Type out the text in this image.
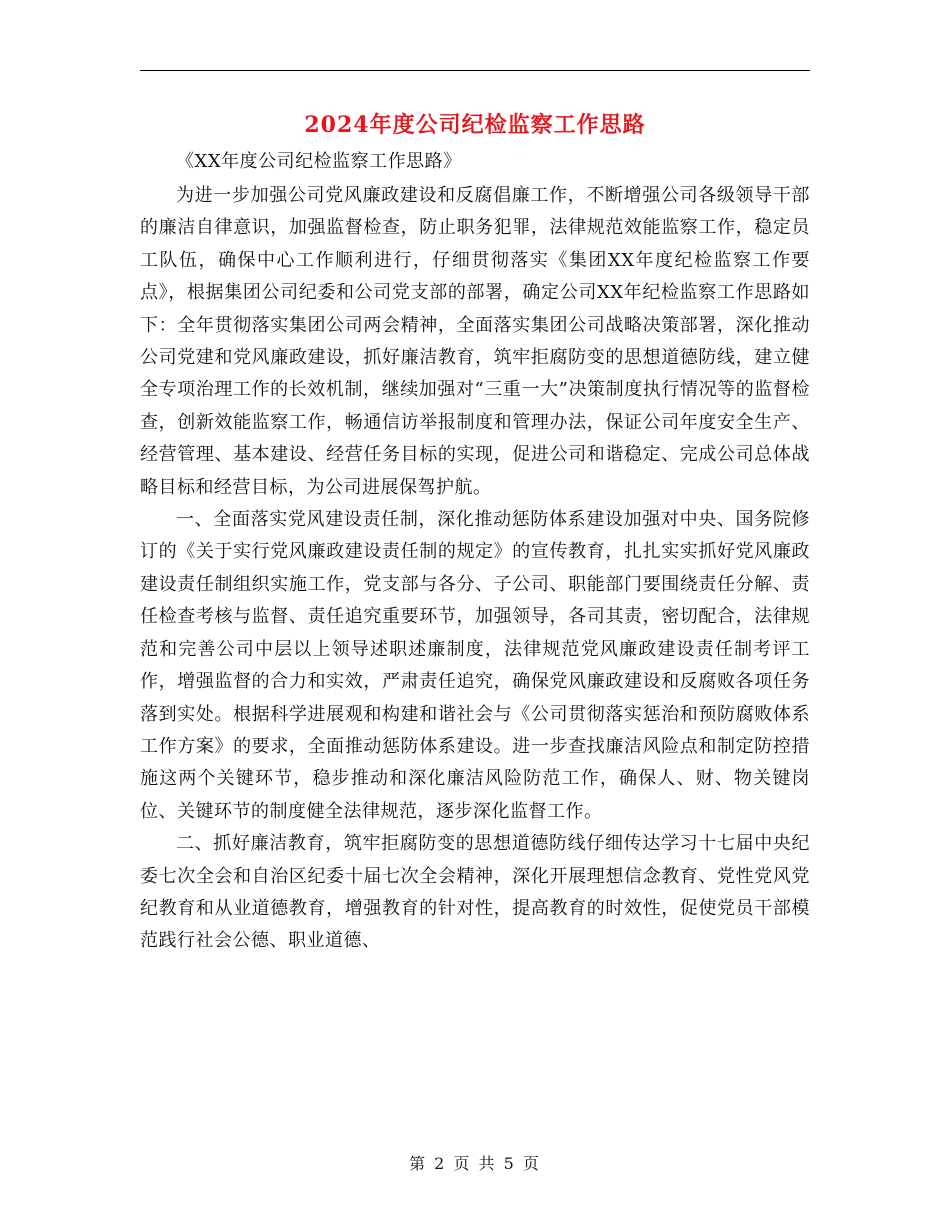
2024年度公司纪检监察工作思路
《XX年度公司纪检监察工作思路》

为进一步加强公司党风廉政建设和反腐倡廉工作，不断增强公司各级领导干部的廉洁自律意识，加强监督检查，防止职务犯罪，法律规范效能监察工作，稳定员工队伍，确保中心工作顺利进行，仔细贯彻落实《集团XX年度纪检监察工作要点》，根据集团公司纪委和公司党支部的部署，确定公司XX年纪检监察工作思路如下：全年贯彻落实集团公司两会精神，全面落实集团公司战略决策部署，深化推动公司党建和党风廉政建设，抓好廉洁教育，筑牢拒腐防变的思想道德防线，建立健全专项治理工作的长效机制，继续加强对“三重一大”决策制度执行情况等的监督检查，创新效能监察工作，畅通信访举报制度和管理办法，保证公司年度安全生产、经营管理、基本建设、经营任务目标的实现，促进公司和谐稳定、完成公司总体战略目标和经营目标，为公司进展保驾护航。

一、全面落实党风建设责任制，深化推动惩防体系建设加强对中央、国务院修订的《关于实行党风廉政建设责任制的规定》的宣传教育，扎扎实实抓好党风廉政建设责任制组织实施工作，党支部与各分、子公司、职能部门要围绕责任分解、责任检查考核与监督、责任追究重要环节，加强领导，各司其责，密切配合，法律规范和完善公司中层以上领导述职述廉制度，法律规范党风廉政建设责任制考评工作，增强监督的合力和实效，严肃责任追究，确保党风廉政建设和反腐败各项任务落到实处。根据科学进展观和构建和谐社会与《公司贯彻落实惩治和预防腐败体系工作方案》的要求，全面推动惩防体系建设。进一步查找廉洁风险点和制定防控措施这两个关键环节，稳步推动和深化廉洁风险防范工作，确保人、财、物关键岗位、关键环节的制度健全法律规范，逐步深化监督工作。

二、抓好廉洁教育，筑牢拒腐防变的思想道德防线仔细传达学习十七届中央纪委七次全会和自治区纪委十届七次全会精神，深化开展理想信念教育、党性党风党纪教育和从业道德教育，增强教育的针对性，提高教育的时效性，促使党员干部模范践行社会公德、职业道德、

第 2 页 共 5 页
